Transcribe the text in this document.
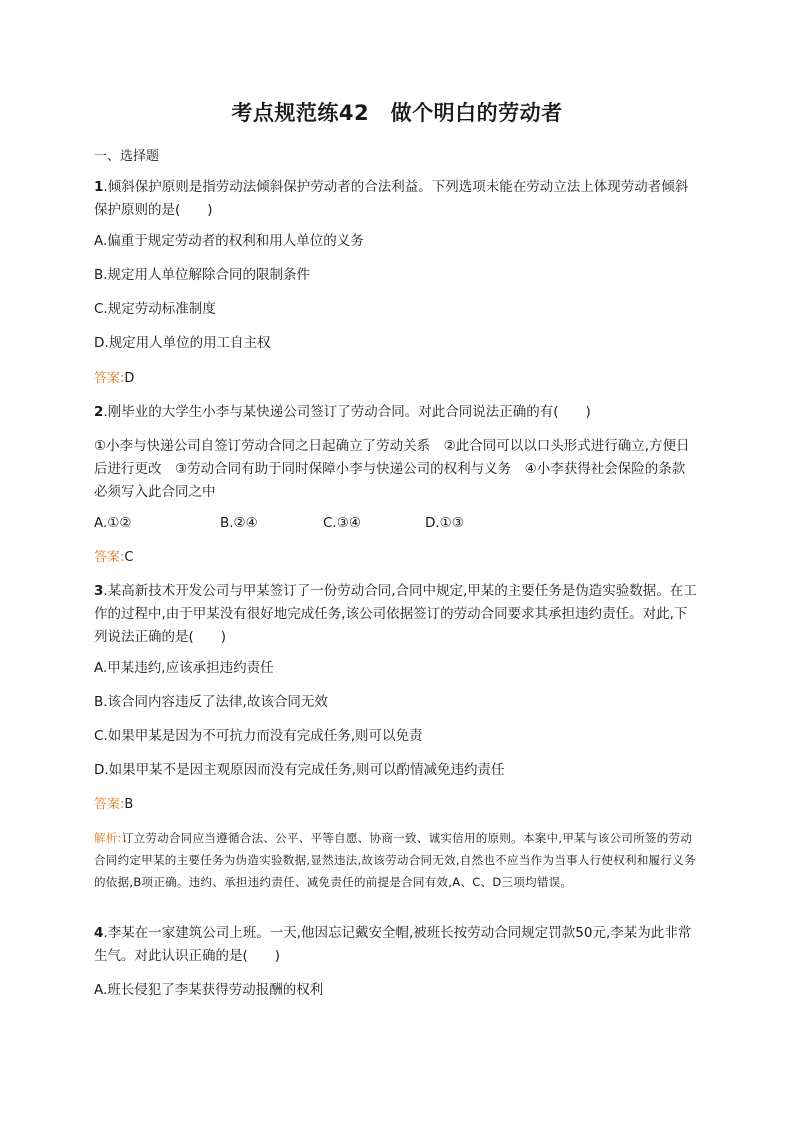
考点规范练42　做个明白的劳动者
一、选择题
1.倾斜保护原则是指劳动法倾斜保护劳动者的合法利益。下列选项未能在劳动立法上体现劳动者倾斜保护原则的是(　　)
A.偏重于规定劳动者的权利和用人单位的义务
B.规定用人单位解除合同的限制条件
C.规定劳动标准制度
D.规定用人单位的用工自主权
答案:D
2.刚毕业的大学生小李与某快递公司签订了劳动合同。对此合同说法正确的有(　　)
①小李与快递公司自签订劳动合同之日起确立了劳动关系　②此合同可以以口头形式进行确立,方便日后进行更改　③劳动合同有助于同时保障小李与快递公司的权利与义务　④小李获得社会保险的条款必须写入此合同之中
A.①②	B.②④	C.③④	D.①③
答案:C
3.某高新技术开发公司与甲某签订了一份劳动合同,合同中规定,甲某的主要任务是伪造实验数据。在工作的过程中,由于甲某没有很好地完成任务,该公司依据签订的劳动合同要求其承担违约责任。对此,下列说法正确的是(　　)
A.甲某违约,应该承担违约责任
B.该合同内容违反了法律,故该合同无效
C.如果甲某是因为不可抗力而没有完成任务,则可以免责
D.如果甲某不是因主观原因而没有完成任务,则可以酌情减免违约责任
答案:B
解析:订立劳动合同应当遵循合法、公平、平等自愿、协商一致、诚实信用的原则。本案中,甲某与该公司所签的劳动合同约定甲某的主要任务为伪造实验数据,显然违法,故该劳动合同无效,自然也不应当作为当事人行使权利和履行义务的依据,B项正确。违约、承担违约责任、减免责任的前提是合同有效,A、C、D三项均错误。
4.李某在一家建筑公司上班。一天,他因忘记戴安全帽,被班长按劳动合同规定罚款50元,李某为此非常生气。对此认识正确的是(　　)
A.班长侵犯了李某获得劳动报酬的权利
